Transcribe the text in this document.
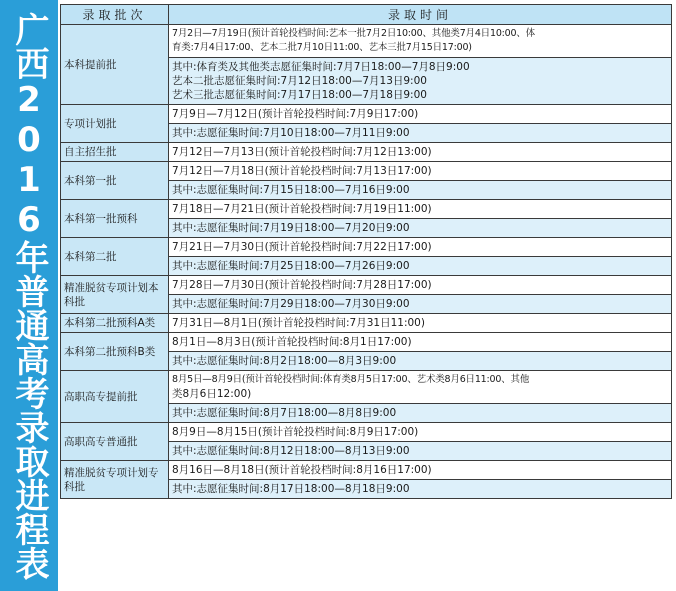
广西2016年普通高考录取进程表	录取批次	录取时间
本科提前批	7月2日—7月19日(预计首轮投档时间:艺本一批7月2日10:00、其他类7月4日10:00、体
育类:7月4日17:00、艺本二批7月10日11:00、艺本三批7月15日17:00)

	其中:体育类及其他类志愿征集时间:7月7日18:00—7月8日9:00
艺本二批志愿征集时间:7月12日18:00—7月13日9:00
艺术三批志愿征集时间:7月17日18:00—7月18日9:00

专项计划批	7月9日—7月12日(预计首轮投档时间:7月9日17:00)

	其中:志愿征集时间:7月10日18:00—7月11日9:00

自主招生批	7月12日—7月13日(预计首轮投档时间:7月12日13:00)

本科第一批	7月12日—7月18日(预计首轮投档时间:7月13日17:00)

	其中:志愿征集时间:7月15日18:00—7月16日9:00

本科第一批预科	7月18日—7月21日(预计首轮投档时间:7月19日11:00)

	其中:志愿征集时间:7月19日18:00—7月20日9:00

本科第二批	7月21日—7月30日(预计首轮投档时间:7月22日17:00)

	其中:志愿征集时间:7月25日18:00—7月26日9:00

精准脱贫专项计划本科批	7月28日—7月30日(预计首轮投档时间:7月28日17:00)

	其中:志愿征集时间:7月29日18:00—7月30日9:00

本科第二批预科A类	7月31日—8月1日(预计首轮投档时间:7月31日11:00)

本科第二批预科B类	8月1日—8月3日(预计首轮投档时间:8月1日17:00)

	其中:志愿征集时间:8月2日18:00—8月3日9:00

高职高专提前批	8月5日—8月9日(预计首轮投档时间:体育类8月5日17:00、艺术类8月6日11:00、其他
类8月6日12:00)

	其中:志愿征集时间:8月7日18:00—8月8日9:00

高职高专普通批	8月9日—8月15日(预计首轮投档时间:8月9日17:00)

	其中:志愿征集时间:8月12日18:00—8月13日9:00

精准脱贫专项计划专科批	8月16日—8月18日(预计首轮投档时间:8月16日17:00)

	其中:志愿征集时间:8月17日18:00—8月18日9:00
